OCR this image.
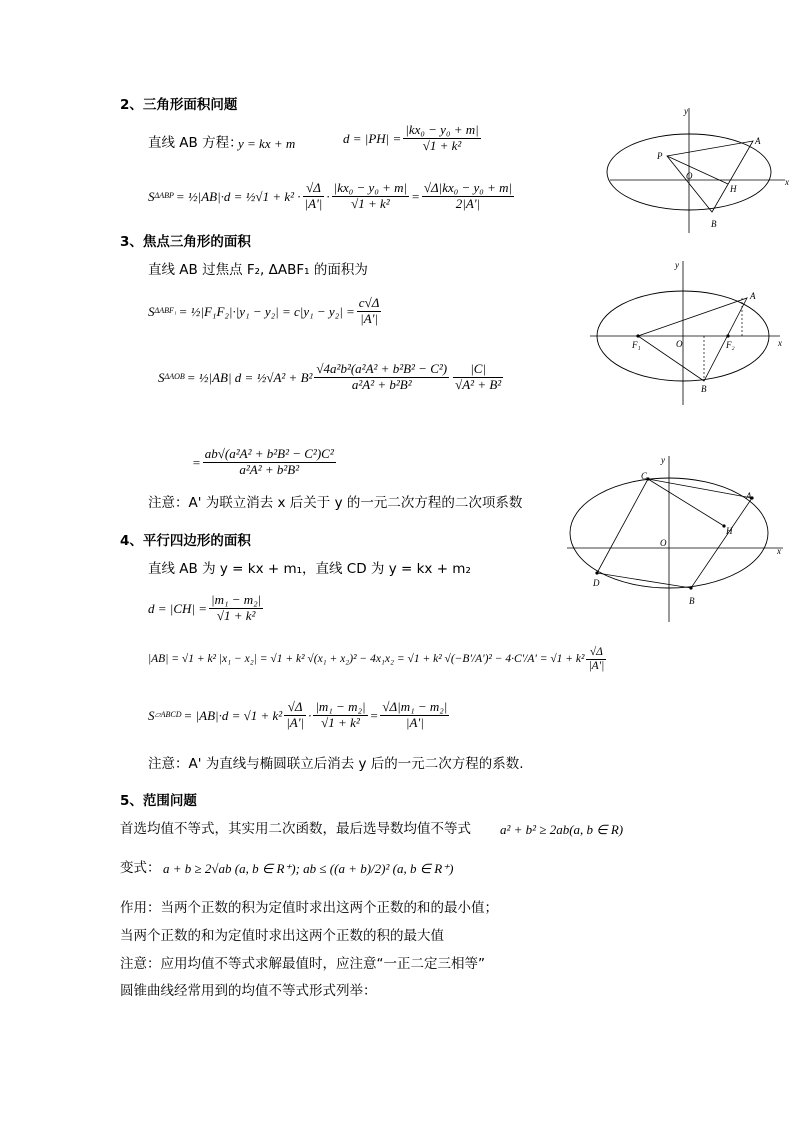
2、三角形面积问题
直线 AB 方程：
y = kx + m	$d = |PH| = \frac{\text{|kx₀ − y₀ + m|}}{\text{√1 + k²}}$
S ΔABP = ½|AB|·d = ½√1 + $k^2 \cdot \frac{√\Delta}{|A'|} \cdot \frac{\text{|kx₀ − y₀ + m|}}{\text{√1 + k²}} = \frac{\text{√Δ|kx₀ − y₀ + m|}}{2|A'|}$	x
y
O
A
B
P
H
3、焦点三角形的面积
直线 AB 过焦点 F₂, ΔABF₁ 的面积为
S ΔABF₁ = ½|F₁F₂|·|y₁ − $y_2| = c|y_1 - y_2| = \frac{c√\Delta}{|A'|}$
S ΔAOB = ½|AB| d = ½√A² + $B^2 \frac{\text{√4a²b²(a²A² + b²B² − C²)}}{\text{a²A² + b²B²}} \frac{|C|}{\text{√A² + B²}}$
= $\frac{\text{ab√(a²A² + b²B² − C²)C²}}{\text{a²A² + b²B²}}$
注意：A' 为联立消去 x 后关于 y 的一元二次方程的二次项系数
x
y
O
A
B
F₁	F₂
4、平行四边形的面积
直线 AB 为 y = kx + m₁，直线 CD 为 y = kx + m₂
$d = |CH| = \frac{\text{|m₁ − m₂|}}{\text{√1 + k²}}$
|AB| = √1 + k² |x₁ − x₂| = √1 + k² √(x₁ + x₂)² − 4x₁x₂ = √1 + k² $√(-B'/A')^2 - 4\cdot C'/A' = √1 + k^2 \frac{√\Delta}{|A'|}$
S ▱ABCD = $|AB|\cdot d = √1 + k^2 \frac{√\Delta}{|A'|} \cdot \frac{\text{|m₁ − m₂|}}{\text{√1 + k²}} = \frac{\text{√Δ|m₁ − m₂|}}{|A'|}$
注意：A' 为直线与椭圆联立后消去 y 后的一元二次方程的系数.
x
y
O
A
B
C
D
H
5、范围问题
首选均值不等式，其实用二次函数，最后选导数均值不等式 a² + b² ≥ 2ab(a, b ∈ R)
变式： a + b ≥ 2√ab (a, b ∈ R⁺); ab ≤ ((a + b)/2)² (a, b ∈ R⁺)
作用：当两个正数的积为定值时求出这两个正数的和的最小值；
当两个正数的和为定值时求出这两个正数的积的最大值
注意：应用均值不等式求解最值时，应注意“一正二定三相等”
圆锥曲线经常用到的均值不等式形式列举：
